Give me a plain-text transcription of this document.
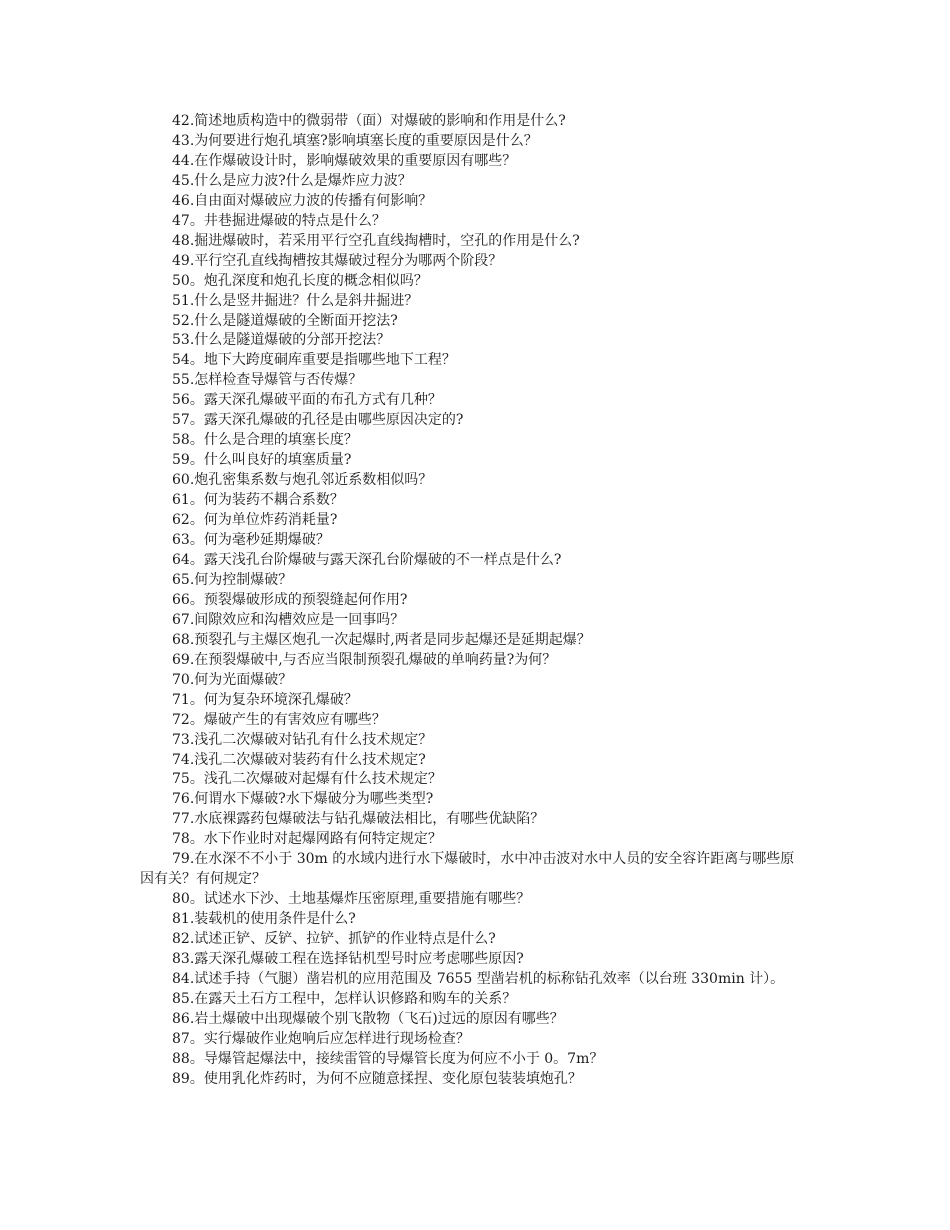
42.简述地质构造中的微弱带（面）对爆破的影响和作用是什么?

43.为何要进行炮孔填塞?影响填塞长度的重要原因是什么？

44.在作爆破设计时，影响爆破效果的重要原因有哪些？

45.什么是应力波?什么是爆炸应力波？

46.自由面对爆破应力波的传播有何影响？

47。井巷掘进爆破的特点是什么？

48.掘进爆破时，若采用平行空孔直线掏槽时，空孔的作用是什么?

49.平行空孔直线掏槽按其爆破过程分为哪两个阶段？

50。炮孔深度和炮孔长度的概念相似吗？

51.什么是竖井掘进？什么是斜井掘进？

52.什么是隧道爆破的全断面开挖法?

53.什么是隧道爆破的分部开挖法？

54。地下大跨度硐库重要是指哪些地下工程？

55.怎样检查导爆管与否传爆？

56。露天深孔爆破平面的布孔方式有几种？

57。露天深孔爆破的孔径是由哪些原因决定的?

58。什么是合理的填塞长度？

59。什么叫良好的填塞质量?

60.炮孔密集系数与炮孔邻近系数相似吗？

61。何为装药不耦合系数？

62。何为单位炸药消耗量?

63。何为毫秒延期爆破？

64。露天浅孔台阶爆破与露天深孔台阶爆破的不一样点是什么?

65.何为控制爆破？

66。预裂爆破形成的预裂缝起何作用?

67.间隙效应和沟槽效应是一回事吗？

68.预裂孔与主爆区炮孔一次起爆时,两者是同步起爆还是延期起爆？

69.在预裂爆破中,与否应当限制预裂孔爆破的单响药量?为何？

70.何为光面爆破？

71。何为复杂环境深孔爆破？

72。爆破产生的有害效应有哪些？

73.浅孔二次爆破对钻孔有什么技术规定？

74.浅孔二次爆破对装药有什么技术规定?

75。浅孔二次爆破对起爆有什么技术规定？

76.何谓水下爆破?水下爆破分为哪些类型?

77.水底裸露药包爆破法与钻孔爆破法相比，有哪些优缺陷？

78。水下作业时对起爆网路有何特定规定？

79.在水深不不小于 30m 的水域内进行水下爆破时，水中冲击波对水中人员的安全容许距离与哪些原因有关？有何规定？

80。试述水下沙、土地基爆炸压密原理,重要措施有哪些？

81.装载机的使用条件是什么?

82.试述正铲、反铲、拉铲、抓铲的作业特点是什么?

83.露天深孔爆破工程在选择钻机型号时应考虑哪些原因?

84.试述手持（气腿）凿岩机的应用范围及 7655 型凿岩机的标称钻孔效率（以台班 330min 计）。

85.在露天土石方工程中，怎样认识修路和购车的关系？

86.岩土爆破中出现爆破个别飞散物（飞石)过远的原因有哪些？

87。实行爆破作业炮响后应怎样进行现场检查？

88。导爆管起爆法中，接续雷管的导爆管长度为何应不小于 0。7m？

89。使用乳化炸药时，为何不应随意揉捏、变化原包装装填炮孔？
